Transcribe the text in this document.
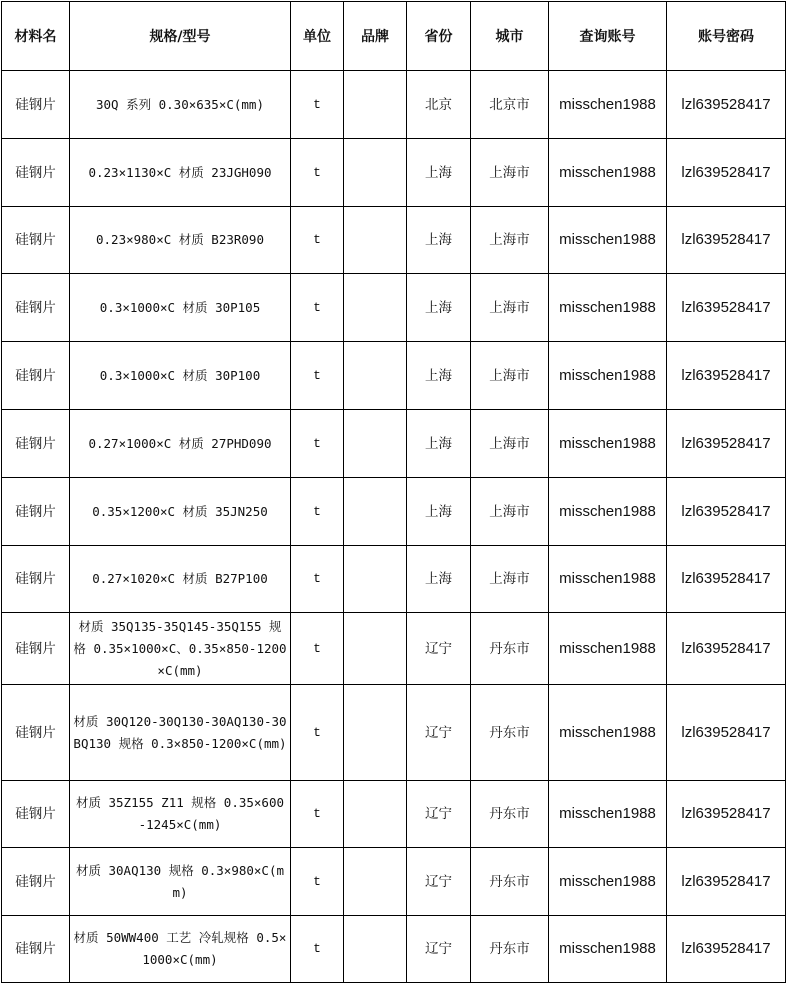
材料名	规格/型号	单位	品牌	省份	城市	查询账号	账号密码
硅钢片	30Q 系列 0.30×635×C(mm)	t		北京	北京市	misschen1988	lzl639528417
硅钢片	0.23×1130×C 材质 23JGH090	t		上海	上海市	misschen1988	lzl639528417
硅钢片	0.23×980×C 材质 B23R090	t		上海	上海市	misschen1988	lzl639528417
硅钢片	0.3×1000×C 材质 30P105	t		上海	上海市	misschen1988	lzl639528417
硅钢片	0.3×1000×C 材质 30P100	t		上海	上海市	misschen1988	lzl639528417
硅钢片	0.27×1000×C 材质 27PHD090	t		上海	上海市	misschen1988	lzl639528417
硅钢片	0.35×1200×C 材质 35JN250	t		上海	上海市	misschen1988	lzl639528417
硅钢片	0.27×1020×C 材质 B27P100	t		上海	上海市	misschen1988	lzl639528417
硅钢片	材质 35Q135-35Q145-35Q155 规格 0.35×1000×C、0.35×850-1200×C(mm)	t		辽宁	丹东市	misschen1988	lzl639528417
硅钢片	材质 30Q120-30Q130-30AQ130-30BQ130 规格 0.3×850-1200×C(mm)	t		辽宁	丹东市	misschen1988	lzl639528417
硅钢片	材质 35Z155 Z11 规格 0.35×600-1245×C(mm)	t		辽宁	丹东市	misschen1988	lzl639528417
硅钢片	材质 30AQ130 规格 0.3×980×C(mm)	t		辽宁	丹东市	misschen1988	lzl639528417
硅钢片	材质 50WW400 工艺 冷轧规格 0.5×1000×C(mm)	t		辽宁	丹东市	misschen1988	lzl639528417
